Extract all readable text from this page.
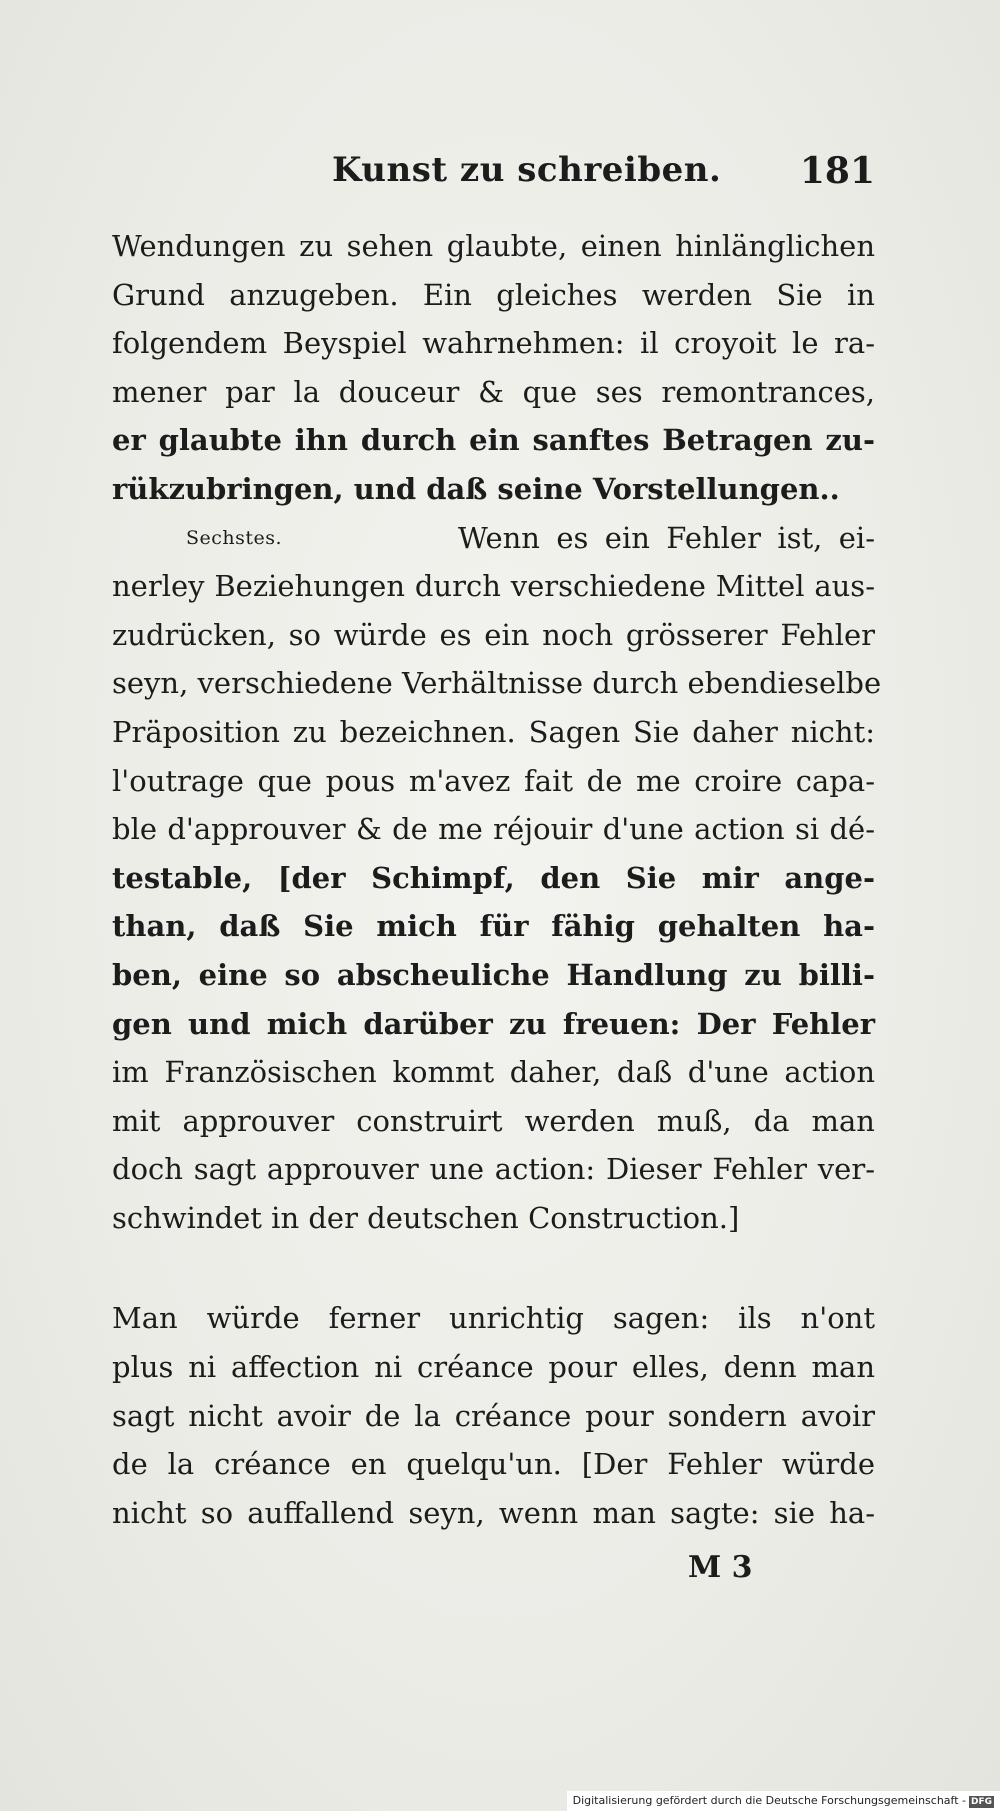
Kunst zu schreiben. 181
Wendungen zu sehen glaubte, einen hinlänglichen
Grund anzugeben. Ein gleiches werden Sie in
folgendem Beyspiel wahrnehmen: il croyoit le ra-
mener par la douceur & que ses remontrances,
er glaubte ihn durch ein sanftes Betragen zu-
rükzubringen, und daß seine Vorstellungen..
Sechstes.	Wenn es ein Fehler ist, ei-
nerley Beziehungen durch verschiedene Mittel aus-
zudrücken, so würde es ein noch grösserer Fehler
seyn, verschiedene Verhältnisse durch ebendieselbe
Präposition zu bezeichnen. Sagen Sie daher nicht:
l'outrage que pous m'avez fait de me croire capa-
ble d'approuver & de me réjouir d'une action si dé-
testable, [der Schimpf, den Sie mir ange-
than, daß Sie mich für fähig gehalten ha-
ben, eine so abscheuliche Handlung zu billi-
gen und mich darüber zu freuen: Der Fehler
im Französischen kommt daher, daß d'une action
mit approuver construirt werden muß, da man
doch sagt approuver une action: Dieser Fehler ver-
schwindet in der deutschen Construction.]
Man würde ferner unrichtig sagen: ils n'ont
plus ni affection ni créance pour elles, denn man
sagt nicht avoir de la créance pour sondern avoir
de la créance en quelqu'un. [Der Fehler würde
nicht so auffallend seyn, wenn man sagte: sie ha-
M 3
Digitalisierung gefördert durch die Deutsche Forschungsgemeinschaft - DFG
